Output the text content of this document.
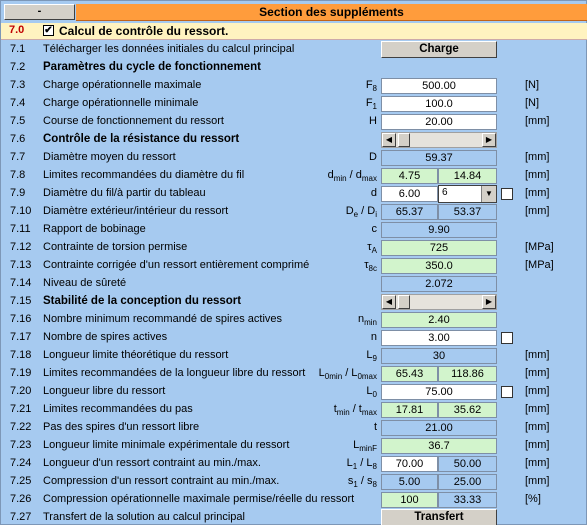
-	Section des suppléments
7.0 ✔ Calcul de contrôle du ressort.
7.1	Télécharger les données initiales du calcul principal	Charge
7.2	Paramètres du cycle de fonctionnement
7.3	Charge opérationnelle maximale	$F_8$	500.00	[N]
7.4	Charge opérationnelle minimale	$F_1$	100.0	[N]
7.5	Course de fonctionnement du ressort	H	20.00	[mm]
7.6	Contrôle de la résistance du ressort	◀	▶
7.7	Diamètre moyen du ressort	D	59.37	[mm]
7.8	Limites recommandées du diamètre du fil	$d_{min} / d_{max}$	4.75	14.84	[mm]
7.9	Diamètre du fil/à partir du tableau	d	6.00	6	▼	[mm]
7.10	Diamètre extérieur/intérieur du ressort	$D_e / D_i$	65.37	53.37	[mm]
7.11	Rapport de bobinage	c	9.90
7.12	Contrainte de torsion permise	$\tau_A$	725	[MPa]
7.13	Contrainte corrigée d'un ressort entièrement comprimé	$\tau_{8c}$	350.0	[MPa]
7.14	Niveau de sûreté	2.072
7.15	Stabilité de la conception du ressort	◀	▶
7.16	Nombre minimum recommandé de spires actives	$n_{min}$	2.40
7.17	Nombre de spires actives	n	3.00
7.18	Longueur limite théorétique du ressort	$L_9$	30	[mm]
7.19	Limites recommandées de la longueur libre du ressort	$L_{0min} / L_{0max}$	65.43	118.86	[mm]
7.20	Longueur libre du ressort	$L_0$	75.00	[mm]
7.21	Limites recommandées du pas	$t_{min} / t_{max}$	17.81	35.62	[mm]
7.22	Pas des spires d'un ressort libre	t	21.00	[mm]
7.23	Longueur limite minimale expérimentale du ressort	$L_{minF}$	36.7	[mm]
7.24	Longueur d'un ressort contraint au min./max.	$L_1 / L_8$	70.00	50.00	[mm]
7.25	Compression d'un ressort contraint au min./max.	$s_1 / s_8$	5.00	25.00	[mm]
7.26	Compression opérationnelle maximale permise/réelle du ressort	100	33.33	[%]
7.27	Transfert de la solution au calcul principal	Transfert
